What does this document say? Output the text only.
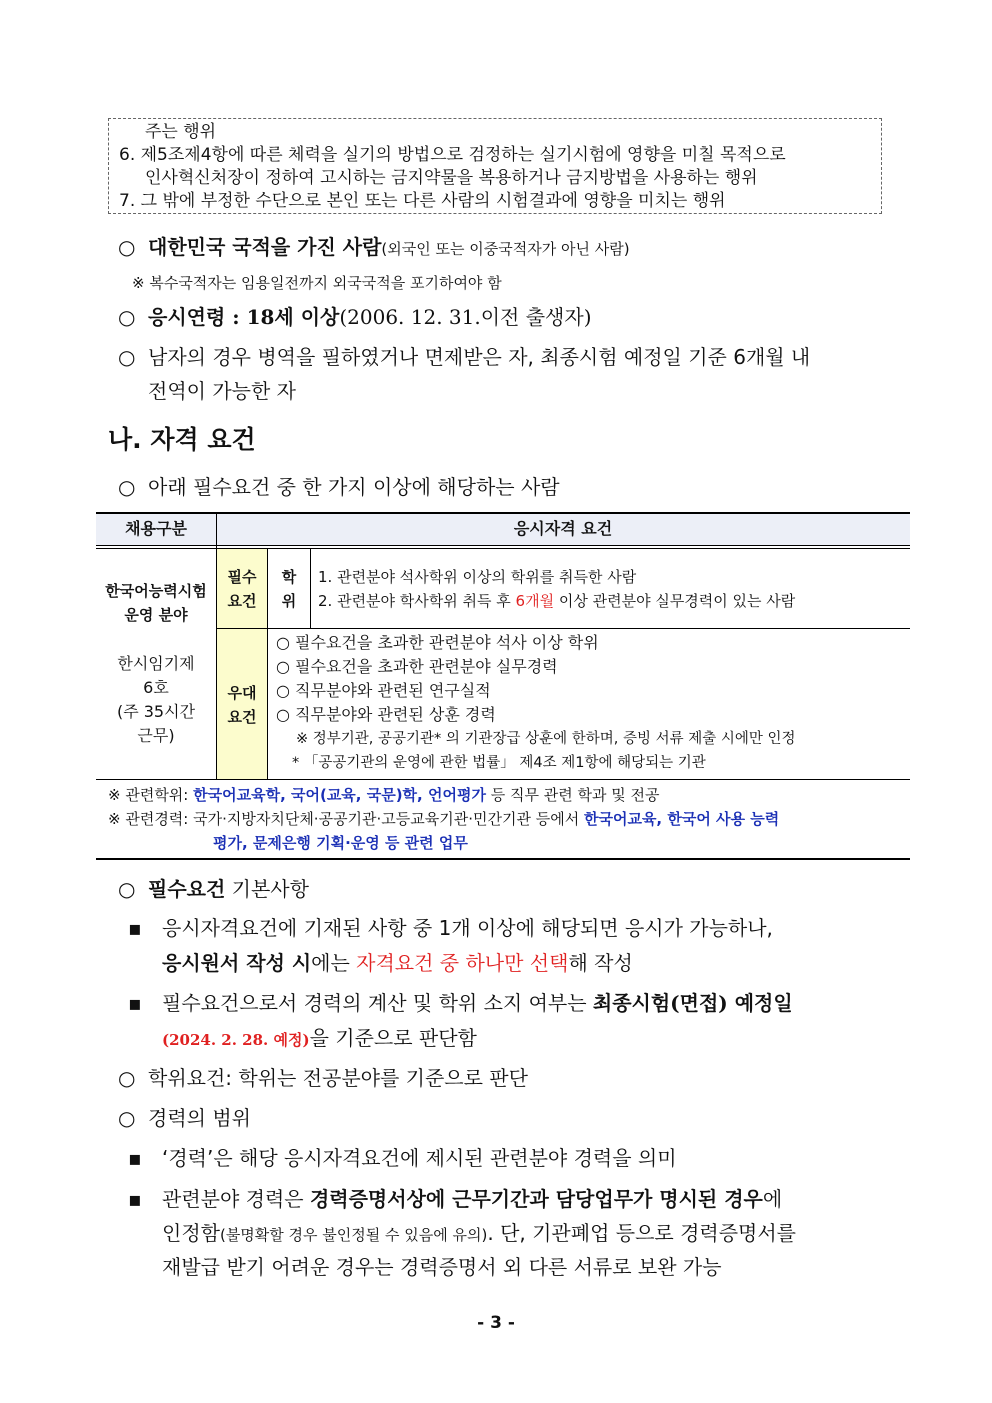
주는 행위
6. 제5조제4항에 따른 체력을 실기의 방법으로 검정하는 실기시험에 영향을 미칠 목적으로
인사혁신처장이 정하여 고시하는 금지약물을 복용하거나 금지방법을 사용하는 행위
7. 그 밖에 부정한 수단으로 본인 또는 다른 사람의 시험결과에 영향을 미치는 행위
○ 대한민국 국적을 가진 사람(외국인 또는 이중국적자가 아닌 사람)
※ 복수국적자는 임용일전까지 외국국적을 포기하여야 함
○ 응시연령 : 18세 이상(2006. 12. 31.이전 출생자)
○ 남자의 경우 병역을 필하였거나 면제받은 자, 최종시험 예정일 기준 6개월 내
전역이 가능한 자
나. 자격 요건
○ 아래 필수요건 중 한 가지 이상에 해당하는 사람
채용구분	응시자격 요건
한국어능력시험
운영 분야
한시임기제
6호
(주 35시간
근무)
필수
요건
학
위
1. 관련분야 석사학위 이상의 학위를 취득한 사람
2. 관련분야 학사학위 취득 후 6개월 이상 관련분야 실무경력이 있는 사람
우대
요건
○ 필수요건을 초과한 관련분야 석사 이상 학위
○ 필수요건을 초과한 관련분야 실무경력
○ 직무분야와 관련된 연구실적
○ 직무분야와 관련된 상훈 경력
※ 정부기관, 공공기관* 의 기관장급 상훈에 한하며, 증빙 서류 제출 시에만 인정
* 「공공기관의 운영에 관한 법률」 제4조 제1항에 해당되는 기관
※ 관련학위: 한국어교육학, 국어(교육, 국문)학, 언어평가 등 직무 관련 학과 및 전공
※ 관련경력: 국가·지방자치단체·공공기관·고등교육기관·민간기관 등에서 한국어교육, 한국어 사용 능력
평가, 문제은행 기획·운영 등 관련 업무
○ 필수요건 기본사항
▪ 응시자격요건에 기재된 사항 중 1개 이상에 해당되면 응시가 가능하나,
응시원서 작성 시에는 자격요건 중 하나만 선택해 작성
▪ 필수요건으로서 경력의 계산 및 학위 소지 여부는 최종시험(면접) 예정일
(2024. 2. 28. 예정)을 기준으로 판단함
○ 학위요건: 학위는 전공분야를 기준으로 판단
○ 경력의 범위
▪ ‘경력’은 해당 응시자격요건에 제시된 관련분야 경력을 의미
▪ 관련분야 경력은 경력증명서상에 근무기간과 담당업무가 명시된 경우에
인정함(불명확할 경우 불인정될 수 있음에 유의). 단, 기관폐업 등으로 경력증명서를
재발급 받기 어려운 경우는 경력증명서 외 다른 서류로 보완 가능
- 3 -
